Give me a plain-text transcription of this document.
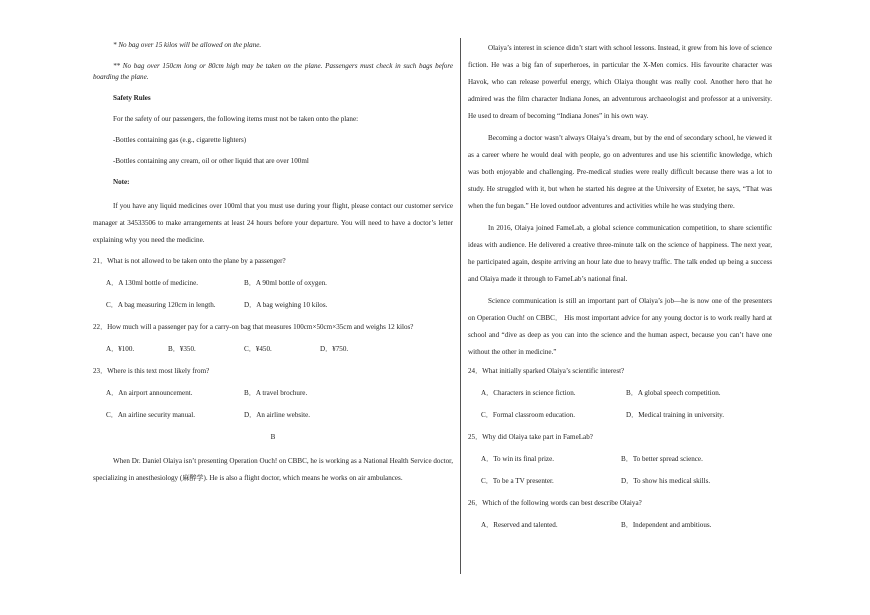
* No bag over 15 kilos will be allowed on the plane.

** No bag over 150cm long or 80cm high may be taken on the plane. Passengers must check in such bags before boarding the plane.

Safety Rules

For the safety of our passengers, the following items must not be taken onto the plane:

-Bottles containing gas (e.g., cigarette lighters)

-Bottles containing any cream, oil or other liquid that are over 100ml

Note:

If you have any liquid medicines over 100ml that you must use during your flight, please contact our customer service manager at 34533506 to make arrangements at least 24 hours before your departure. You will need to have a doctor’s letter explaining why you need the medicine.

21．What is not allowed to be taken onto the plane by a passenger?

A．A 130ml bottle of medicine.	B．A 90ml bottle of oxygen.
C．A bag measuring 120cm in length.	D．A bag weighing 10 kilos.

22．How much will a passenger pay for a carry-on bag that measures 100cm×50cm×35cm and weighs 12 kilos?

A．¥100.	B．¥350.	C．¥450.	D．¥750.

23．Where is this text most likely from?

A．An airport announcement.	B．A travel brochure.
C．An airline security manual.	D．An airline website.

B

When Dr. Daniel Olaiya isn’t presenting Operation Ouch! on CBBC, he is working as a National Health Service doctor, specializing in anesthesiology (麻醉学). He is also a flight doctor, which means he works on air ambulances.

Olaiya’s interest in science didn’t start with school lessons. Instead, it grew from his love of science fiction. He was a big fan of superheroes, in particular the X-Men comics. His favourite character was Havok, who can release powerful energy, which Olaiya thought was really cool. Another hero that he admired was the film character Indiana Jones, an adventurous archaeologist and professor at a university. He used to dream of becoming “Indiana Jones” in his own way.

Becoming a doctor wasn’t always Olaiya’s dream, but by the end of secondary school, he viewed it as a career where he would deal with people, go on adventures and use his scientific knowledge, which was both enjoyable and challenging. Pre-medical studies were really difficult because there was a lot to study. He struggled with it, but when he started his degree at the University of Exeter, he says, “That was when the fun began.” He loved outdoor adventures and activities while he was studying there.

In 2016, Olaiya joined FameLab, a global science communication competition, to share scientific ideas with audience. He delivered a creative three-minute talk on the science of happiness. The next year, he participated again, despite arriving an hour late due to heavy traffic. The talk ended up being a success and Olaiya made it through to FameLab’s national final.

Science communication is still an important part of Olaiya’s job—he is now one of the presenters on Operation Ouch! on CBBC． His most important advice for any young doctor is to work really hard at school and “dive as deep as you can into the science and the human aspect, because you can’t have one without the other in medicine.”

24．What initially sparked Olaiya’s scientific interest?

A．Characters in science fiction.	B．A global speech competition.
C．Formal classroom education.	D．Medical training in university.

25．Why did Olaiya take part in FameLab?

A．To win its final prize.	B．To better spread science.
C．To be a TV presenter.	D．To show his medical skills.

26．Which of the following words can best describe Olaiya?

A．Reserved and talented.	B．Independent and ambitious.
